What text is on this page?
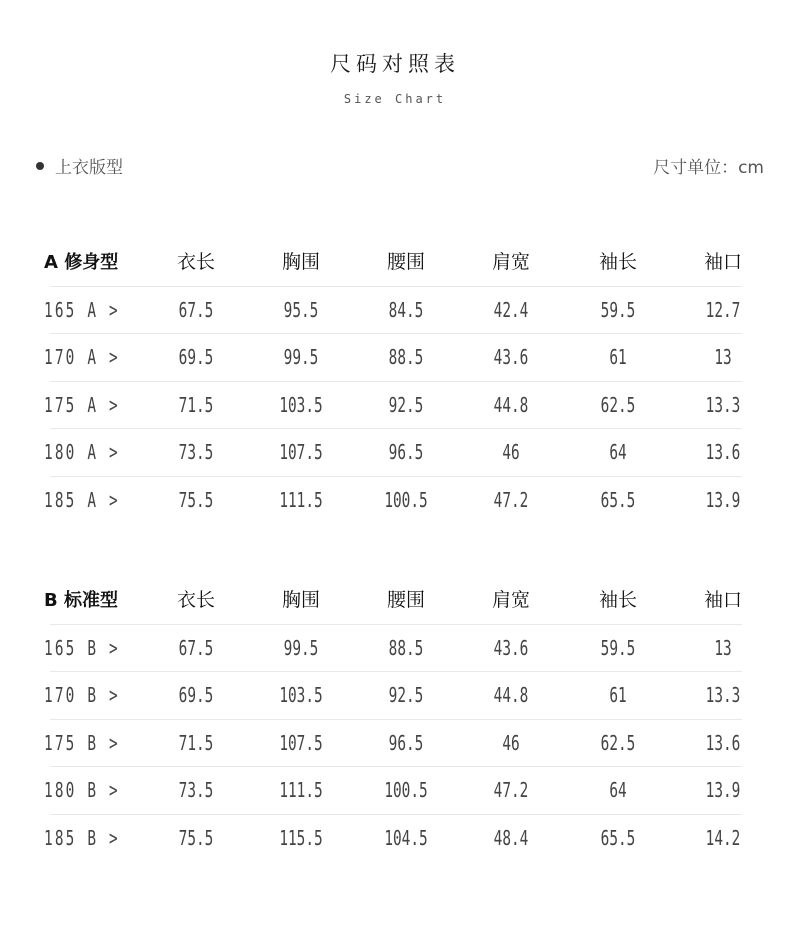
尺码对照表
Size Chart
上衣版型	尺寸单位：cm
A 修身型	衣长	胸围	腰围	肩宽	袖长	袖口
165 A >	67.5	95.5	84.5	42.4	59.5	12.7
170 A >	69.5	99.5	88.5	43.6	61	13
175 A >	71.5	103.5	92.5	44.8	62.5	13.3
180 A >	73.5	107.5	96.5	46	64	13.6
185 A >	75.5	111.5	100.5	47.2	65.5	13.9
B 标准型	衣长	胸围	腰围	肩宽	袖长	袖口
165 B >	67.5	99.5	88.5	43.6	59.5	13
170 B >	69.5	103.5	92.5	44.8	61	13.3
175 B >	71.5	107.5	96.5	46	62.5	13.6
180 B >	73.5	111.5	100.5	47.2	64	13.9
185 B >	75.5	115.5	104.5	48.4	65.5	14.2
